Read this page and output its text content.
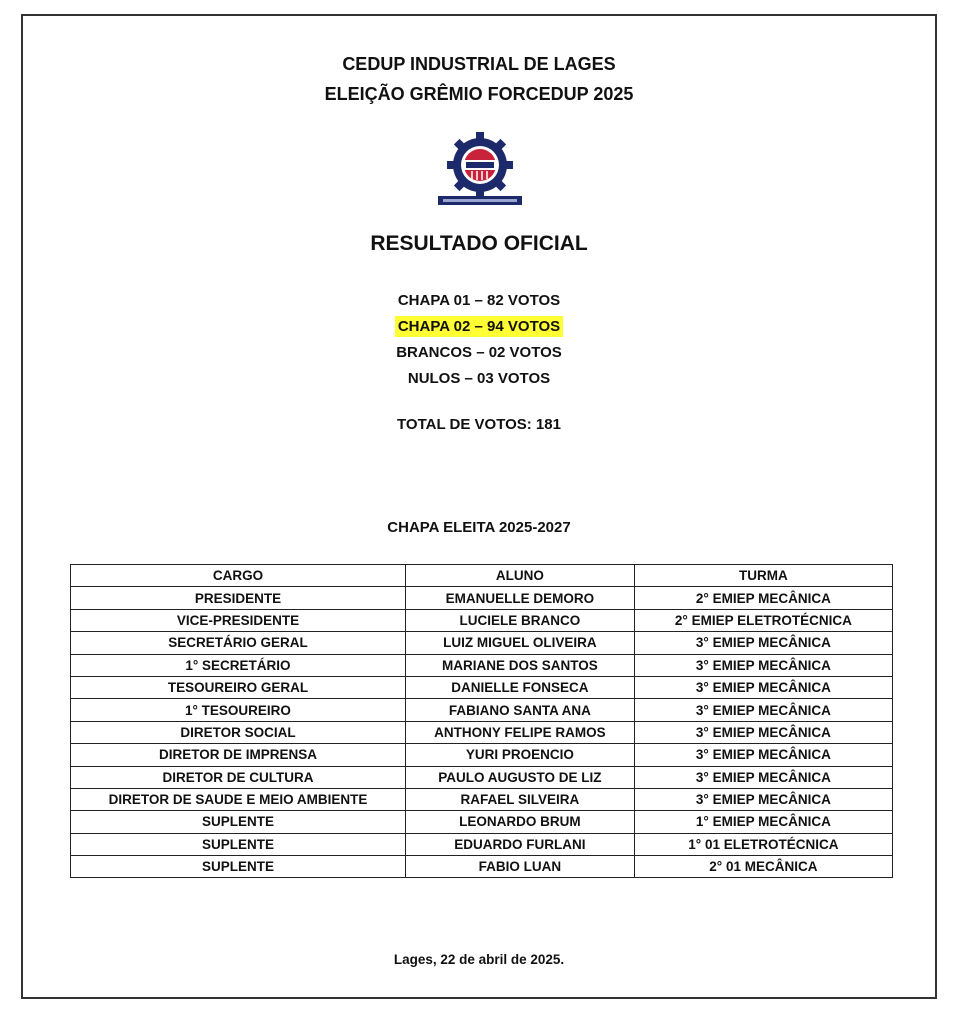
CEDUP INDUSTRIAL DE LAGES
ELEIÇÃO GRÊMIO FORCEDUP 2025
RESULTADO OFICIAL
CHAPA 01 – 82 VOTOS
CHAPA 02 – 94 VOTOS
BRANCOS – 02 VOTOS
NULOS – 03 VOTOS
TOTAL DE VOTOS: 181
CHAPA ELEITA 2025-2027
CARGO	ALUNO	TURMA
PRESIDENTE	EMANUELLE DEMORO	2° EMIEP MECÂNICA
VICE-PRESIDENTE	LUCIELE BRANCO	2° EMIEP ELETROTÉCNICA
SECRETÁRIO GERAL	LUIZ MIGUEL OLIVEIRA	3° EMIEP MECÂNICA
1° SECRETÁRIO	MARIANE DOS SANTOS	3° EMIEP MECÂNICA
TESOUREIRO GERAL	DANIELLE FONSECA	3° EMIEP MECÂNICA
1° TESOUREIRO	FABIANO SANTA ANA	3° EMIEP MECÂNICA
DIRETOR SOCIAL	ANTHONY FELIPE RAMOS	3° EMIEP MECÂNICA
DIRETOR DE IMPRENSA	YURI PROENCIO	3° EMIEP MECÂNICA
DIRETOR DE CULTURA	PAULO AUGUSTO DE LIZ	3° EMIEP MECÂNICA
DIRETOR DE SAUDE E MEIO AMBIENTE	RAFAEL SILVEIRA	3° EMIEP MECÂNICA
SUPLENTE	LEONARDO BRUM	1° EMIEP MECÂNICA
SUPLENTE	EDUARDO FURLANI	1° 01 ELETROTÉCNICA
SUPLENTE	FABIO LUAN	2° 01 MECÂNICA
Lages, 22 de abril de 2025.
